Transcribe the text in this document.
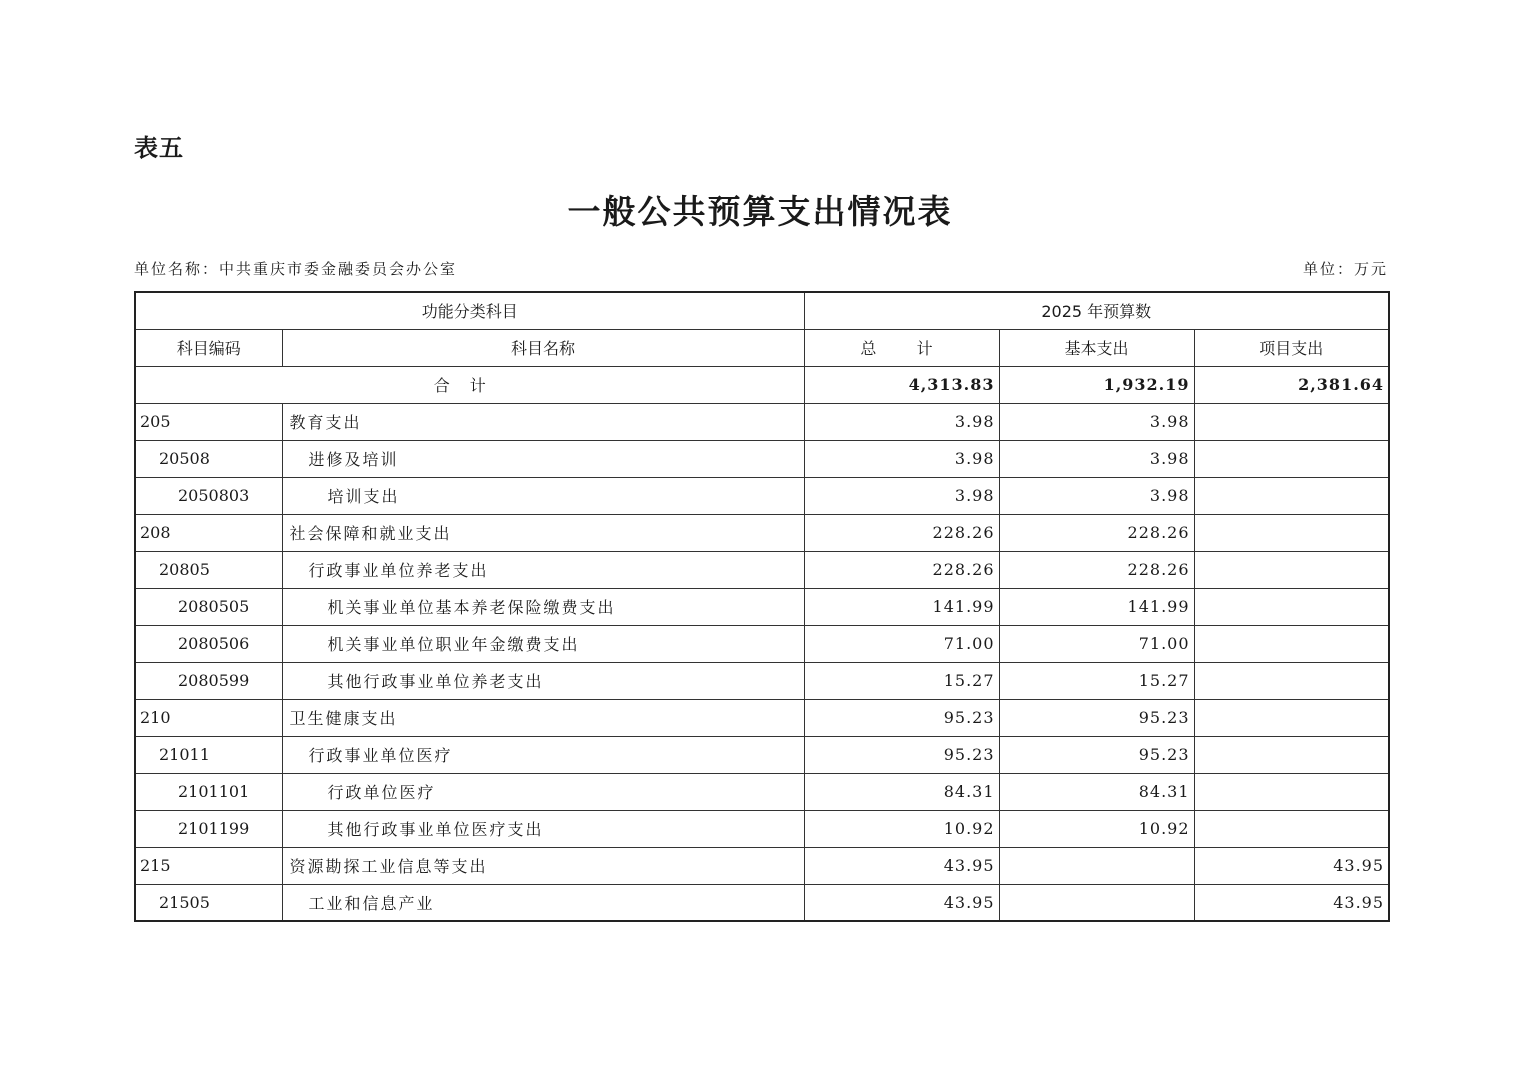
表五
一般公共预算支出情况表
单位名称：中共重庆市委金融委员会办公室	单位：万元
功能分类科目		2025 年预算数		
科目编码	科目名称	总  计	基本支出	项目支出
合计		4,313.83	1,932.19	2,381.64
205	教育支出	3.98	3.98	
20508	进修及培训	3.98	3.98	
2050803	培训支出	3.98	3.98	
208	社会保障和就业支出	228.26	228.26	
20805	行政事业单位养老支出	228.26	228.26	
2080505	机关事业单位基本养老保险缴费支出	141.99	141.99	
2080506	机关事业单位职业年金缴费支出	71.00	71.00	
2080599	其他行政事业单位养老支出	15.27	15.27	
210	卫生健康支出	95.23	95.23	
21011	行政事业单位医疗	95.23	95.23	
2101101	行政单位医疗	84.31	84.31	
2101199	其他行政事业单位医疗支出	10.92	10.92	
215	资源勘探工业信息等支出	43.95		43.95
21505	工业和信息产业	43.95		43.95
